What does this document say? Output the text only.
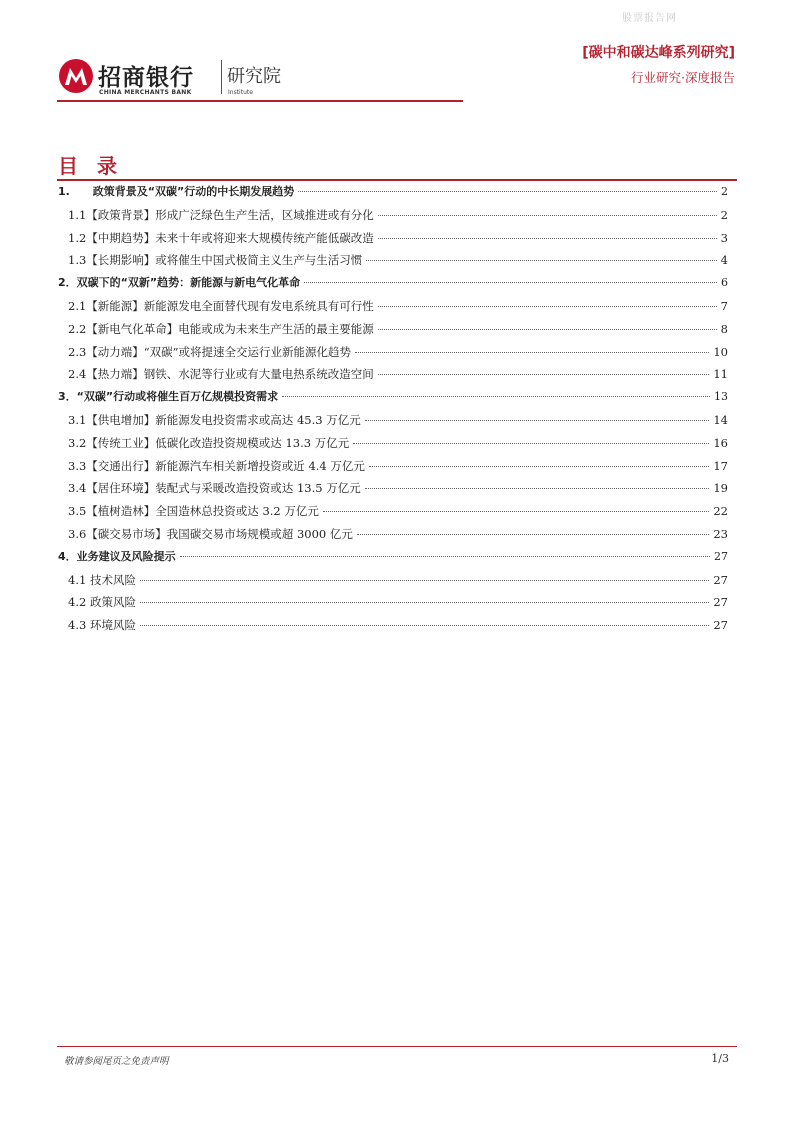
股票报告网
招商银行
CHINA MERCHANTS BANK
研究院
Institute
[碳中和碳达峰系列研究]
行业研究·深度报告
目 录
1.      政策背景及“双碳”行动的中长期发展趋势	2
1.1【政策背景】形成广泛绿色生产生活，区域推进或有分化	2
1.2【中期趋势】未来十年或将迎来大规模传统产能低碳改造	3
1.3【长期影响】或将催生中国式极简主义生产与生活习惯	4
2．双碳下的“双新”趋势：新能源与新电气化革命	6
2.1【新能源】新能源发电全面替代现有发电系统具有可行性	7
2.2【新电气化革命】电能或成为未来生产生活的最主要能源	8
2.3【动力端】“双碳”或将提速全交运行业新能源化趋势	10
2.4【热力端】钢铁、水泥等行业或有大量电热系统改造空间	11
3．“双碳”行动或将催生百万亿规模投资需求	13
3.1【供电增加】新能源发电投资需求或高达 45.3 万亿元	14
3.2【传统工业】低碳化改造投资规模或达 13.3 万亿元	16
3.3【交通出行】新能源汽车相关新增投资或近 4.4 万亿元	17
3.4【居住环境】装配式与采暖改造投资或达 13.5 万亿元	19
3.5【植树造林】全国造林总投资或达 3.2 万亿元	22
3.6【碳交易市场】我国碳交易市场规模或超 3000 亿元	23
4．业务建议及风险提示	27
4.1 技术风险	27
4.2 政策风险	27
4.3 环境风险	27
敬请参阅尾页之免责声明	1/3
